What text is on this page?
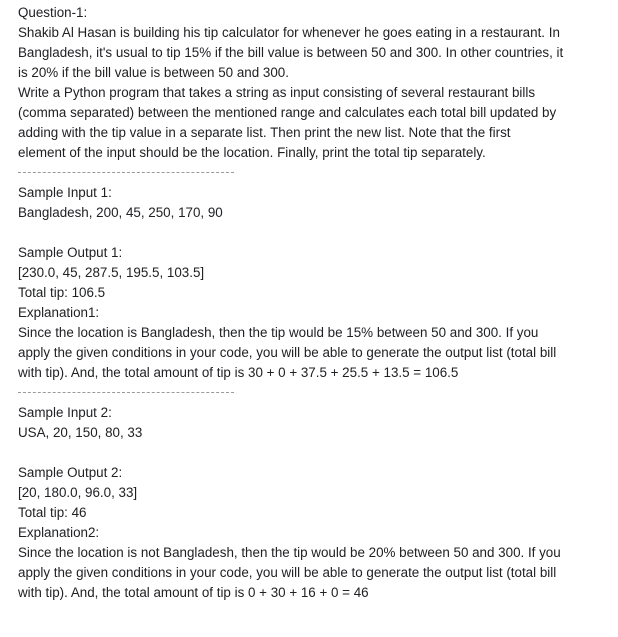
Question-1:
Shakib Al Hasan is building his tip calculator for whenever he goes eating in a restaurant. In
Bangladesh, it's usual to tip 15% if the bill value is between 50 and 300. In other countries, it
is 20% if the bill value is between 50 and 300.
Write a Python program that takes a string as input consisting of several restaurant bills
(comma separated) between the mentioned range and calculates each total bill updated by
adding with the tip value in a separate list. Then print the new list. Note that the first
element of the input should be the location. Finally, print the total tip separately.
Sample Input 1:
Bangladesh, 200, 45, 250, 170, 90
Sample Output 1:
[230.0, 45, 287.5, 195.5, 103.5]
Total tip: 106.5
Explanation1:
Since the location is Bangladesh, then the tip would be 15% between 50 and 300. If you
apply the given conditions in your code, you will be able to generate the output list (total bill
with tip). And, the total amount of tip is 30 + 0 + 37.5 + 25.5 + 13.5 = 106.5
Sample Input 2:
USA, 20, 150, 80, 33
Sample Output 2:
[20, 180.0, 96.0, 33]
Total tip: 46
Explanation2:
Since the location is not Bangladesh, then the tip would be 20% between 50 and 300. If you
apply the given conditions in your code, you will be able to generate the output list (total bill
with tip). And, the total amount of tip is 0 + 30 + 16 + 0 = 46
